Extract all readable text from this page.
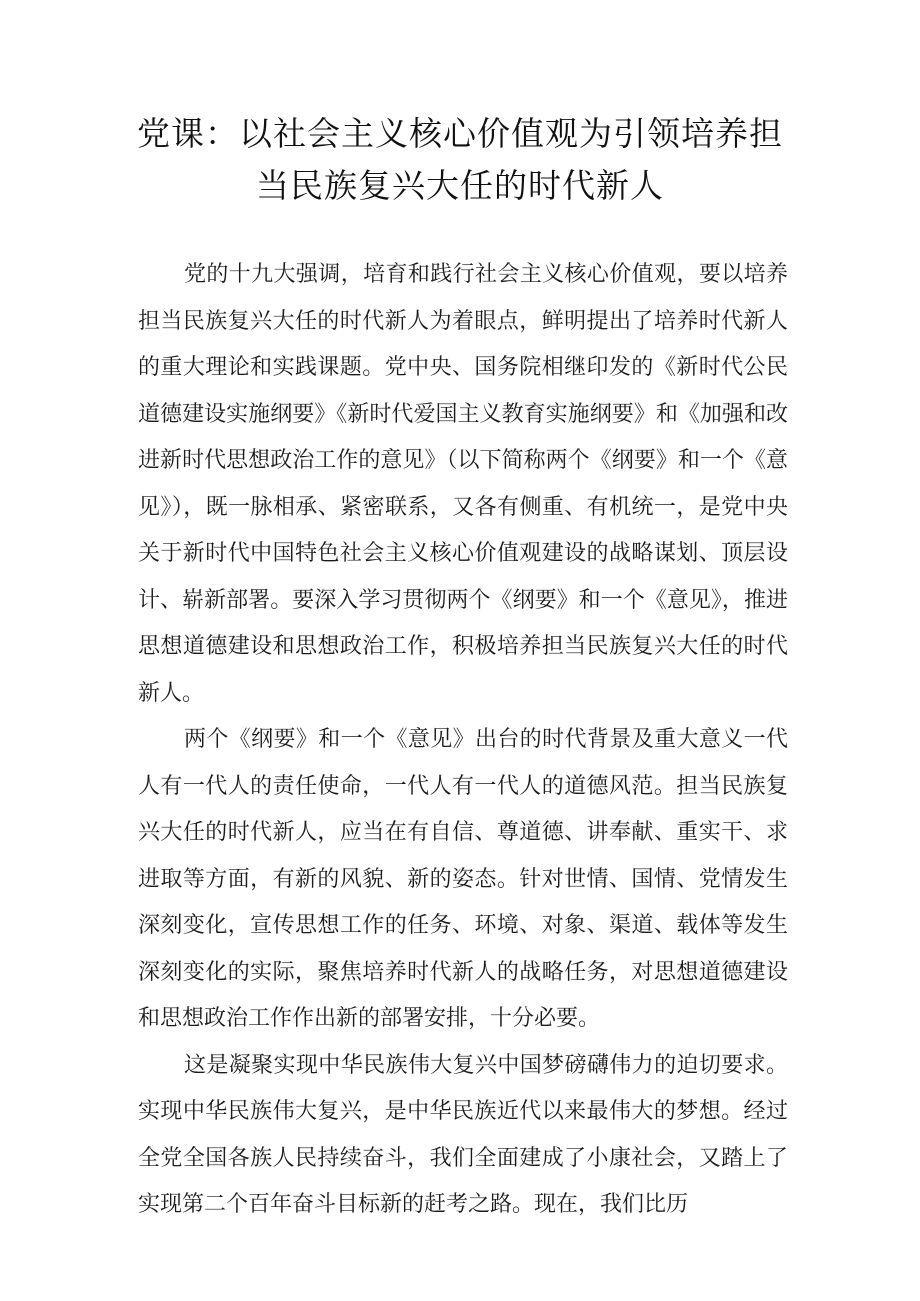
党课：以社会主义核心价值观为引领培养担
当民族复兴大任的时代新人

党的十九大强调，培育和践行社会主义核心价值观，要以培养担当民族复兴大任的时代新人为着眼点，鲜明提出了培养时代新人的重大理论和实践课题。党中央、国务院相继印发的《新时代公民道德建设实施纲要》《新时代爱国主义教育实施纲要》和《加强和改进新时代思想政治工作的意见》（以下简称两个《纲要》和一个《意见》），既一脉相承、紧密联系，又各有侧重、有机统一，是党中央关于新时代中国特色社会主义核心价值观建设的战略谋划、顶层设计、崭新部署。要深入学习贯彻两个《纲要》和一个《意见》，推进思想道德建设和思想政治工作，积极培养担当民族复兴大任的时代新人。

两个《纲要》和一个《意见》出台的时代背景及重大意义一代人有一代人的责任使命，一代人有一代人的道德风范。担当民族复兴大任的时代新人，应当在有自信、尊道德、讲奉献、重实干、求进取等方面，有新的风貌、新的姿态。针对世情、国情、党情发生深刻变化，宣传思想工作的任务、环境、对象、渠道、载体等发生深刻变化的实际，聚焦培养时代新人的战略任务，对思想道德建设和思想政治工作作出新的部署安排，十分必要。

这是凝聚实现中华民族伟大复兴中国梦磅礴伟力的迫切要求。实现中华民族伟大复兴，是中华民族近代以来最伟大的梦想。经过全党全国各族人民持续奋斗，我们全面建成了小康社会，又踏上了实现第二个百年奋斗目标新的赶考之路。现在，我们比历
